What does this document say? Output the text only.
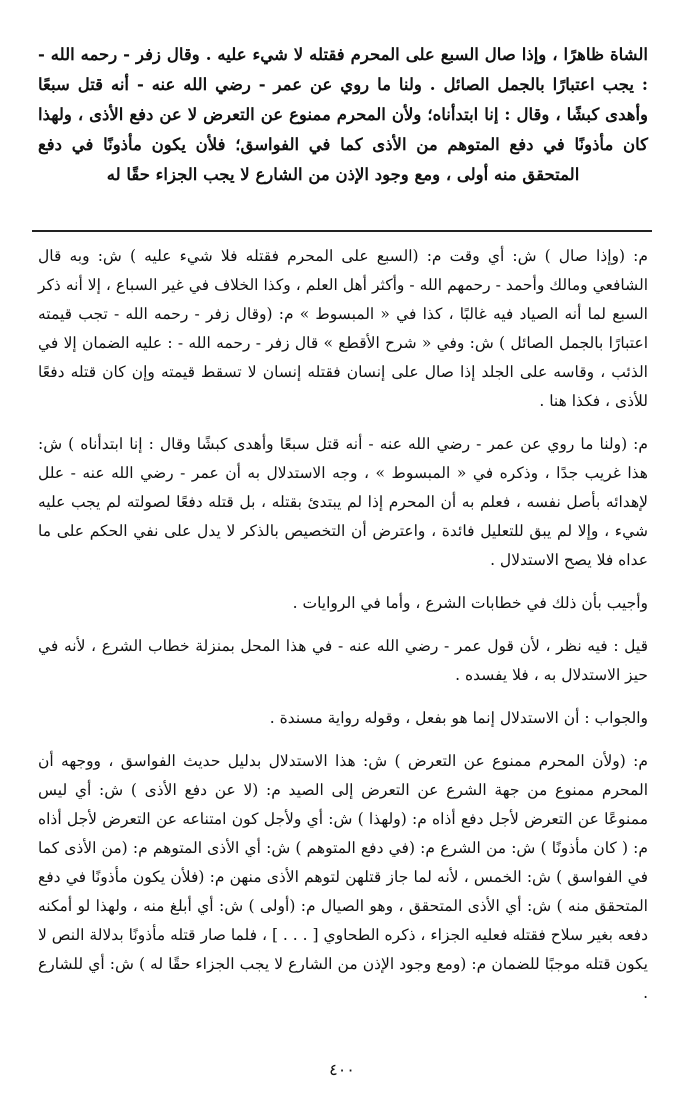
الشاة ظاهرًا ، وإذا صال السبع على المحرم فقتله لا شيء عليه . وقال زفر - رحمه الله - : يجب اعتبارًا بالجمل الصائل . ولنا ما روي عن عمر - رضي الله عنه - أنه قتل سبعًا وأهدى كبشًا ، وقال : إنا ابتدأناه؛ ولأن المحرم ممنوع عن التعرض لا عن دفع الأذى ، ولهذا كان مأذونًا في دفع المتوهم من الأذى كما في الفواسق؛ فلأن يكون مأذونًا في دفع المتحقق منه أولى ، ومع وجود الإذن من الشارع لا يجب الجزاء حقًا له

م: (وإذا صال ) ش: أي وقت م: (السبع على المحرم فقتله فلا شيء عليه ) ش: وبه قال الشافعي ومالك وأحمد - رحمهم الله - وأكثر أهل العلم ، وكذا الخلاف في غير السباع ، إلا أنه ذكر السبع لما أنه الصياد فيه غالبًا ، كذا في « المبسوط » م: (وقال زفر - رحمه الله - تجب قيمته اعتبارًا بالجمل الصائل ) ش: وفي « شرح الأقطع » قال زفر - رحمه الله - : عليه الضمان إلا في الذئب ، وقاسه على الجلد إذا صال على إنسان فقتله إنسان لا تسقط قيمته وإن كان قتله دفعًا للأذى ، فكذا هنا .

م: (ولنا ما روي عن عمر - رضي الله عنه - أنه قتل سبعًا وأهدى كبشًا وقال : إنا ابتدأناه ) ش: هذا غريب جدًا ، وذكره في « المبسوط » ، وجه الاستدلال به أن عمر - رضي الله عنه - علل لإهدائه بأصل نفسه ، فعلم به أن المحرم إذا لم يبتدئ بقتله ، بل قتله دفعًا لصولته لم يجب عليه شيء ، وإلا لم يبق للتعليل فائدة ، واعترض أن التخصيص بالذكر لا يدل على نفي الحكم على ما عداه فلا يصح الاستدلال .

وأجيب بأن ذلك في خطابات الشرع ، وأما في الروايات .

قيل : فيه نظر ، لأن قول عمر - رضي الله عنه - في هذا المحل بمنزلة خطاب الشرع ، لأنه في حيز الاستدلال به ، فلا يفسده .

والجواب : أن الاستدلال إنما هو بفعل ، وقوله رواية مسندة .

م: (ولأن المحرم ممنوع عن التعرض ) ش: هذا الاستدلال بدليل حديث الفواسق ، ووجهه أن المحرم ممنوع من جهة الشرع عن التعرض إلى الصيد م: (لا عن دفع الأذى ) ش: أي ليس ممنوعًا عن التعرض لأجل دفع أذاه م: (ولهذا ) ش: أي ولأجل كون امتناعه عن التعرض لأجل أذاه م: ( كان مأذونًا ) ش: من الشرع م: (في دفع المتوهم ) ش: أي الأذى المتوهم م: (من الأذى كما في الفواسق ) ش: الخمس ، لأنه لما جاز قتلهن لتوهم الأذى منهن م: (فلأن يكون مأذونًا في دفع المتحقق منه ) ش: أي الأذى المتحقق ، وهو الصيال م: (أولى ) ش: أي أبلغ منه ، ولهذا لو أمكنه دفعه بغير سلاح فقتله فعليه الجزاء ، ذكره الطحاوي [ . . . ] ، فلما صار قتله مأذونًا بدلالة النص لا يكون قتله موجبًا للضمان م: (ومع وجود الإذن من الشارع لا يجب الجزاء حقًا له ) ش: أي للشارع .

٤٠٠
